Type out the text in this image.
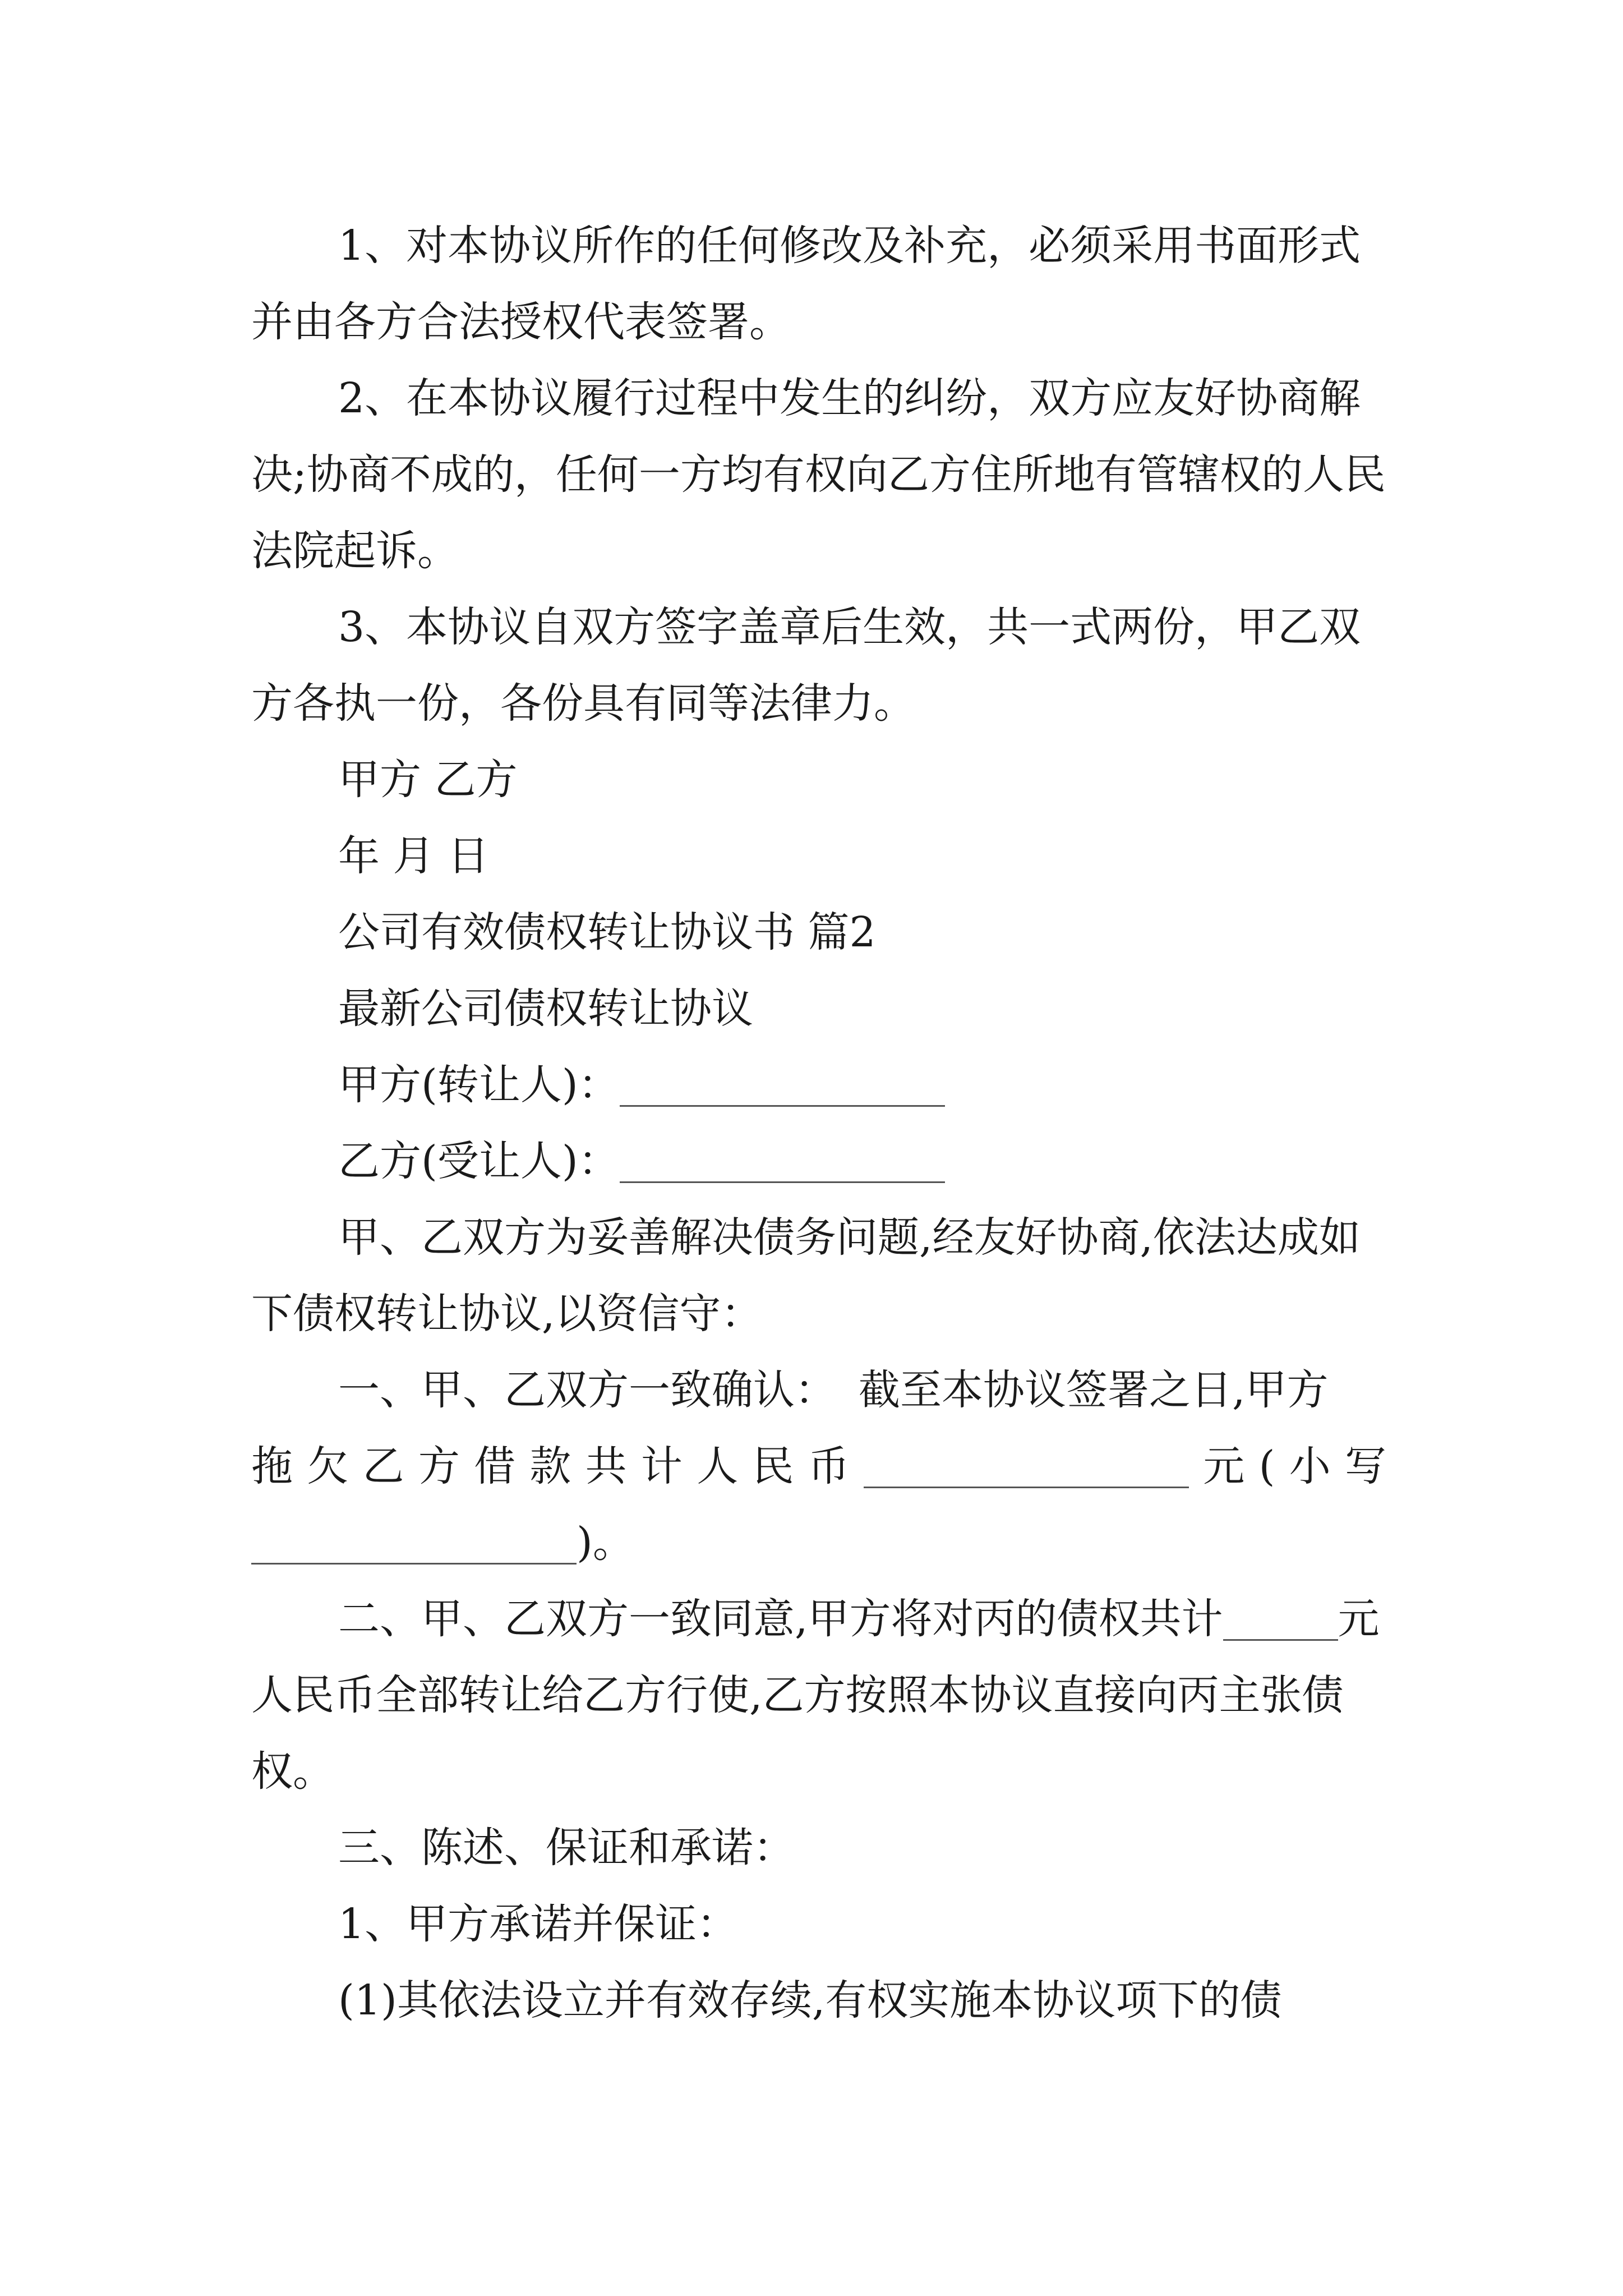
1、对本协议所作的任何修改及补充，必须采用书面形式并由各方合法授权代表签署。

2、在本协议履行过程中发生的纠纷，双方应友好协商解决;协商不成的，任何一方均有权向乙方住所地有管辖权的人民法院起诉。

3、本协议自双方签字盖章后生效，共一式两份，甲乙双方各执一份，各份具有同等法律力。

甲方 乙方

年 月 日

公司有效债权转让协议书 篇2

最新公司债权转让协议

甲方(转让人)：

乙方(受让人)：

甲、乙双方为妥善解决债务问题,经友好协商,依法达成如下债权转让协议,以资信守：

一、甲、乙双方一致确认： 截至本协议签署之日,甲方

拖欠乙方借款共计人民币	元(小写

)。

二、甲、乙双方一致同意,甲方将对丙的债权共计	元人民币全部转让给乙方行使,乙方按照本协议直接向丙主张债权。

三、陈述、保证和承诺：

1、甲方承诺并保证：

(1)其依法设立并有效存续,有权实施本协议项下的债
